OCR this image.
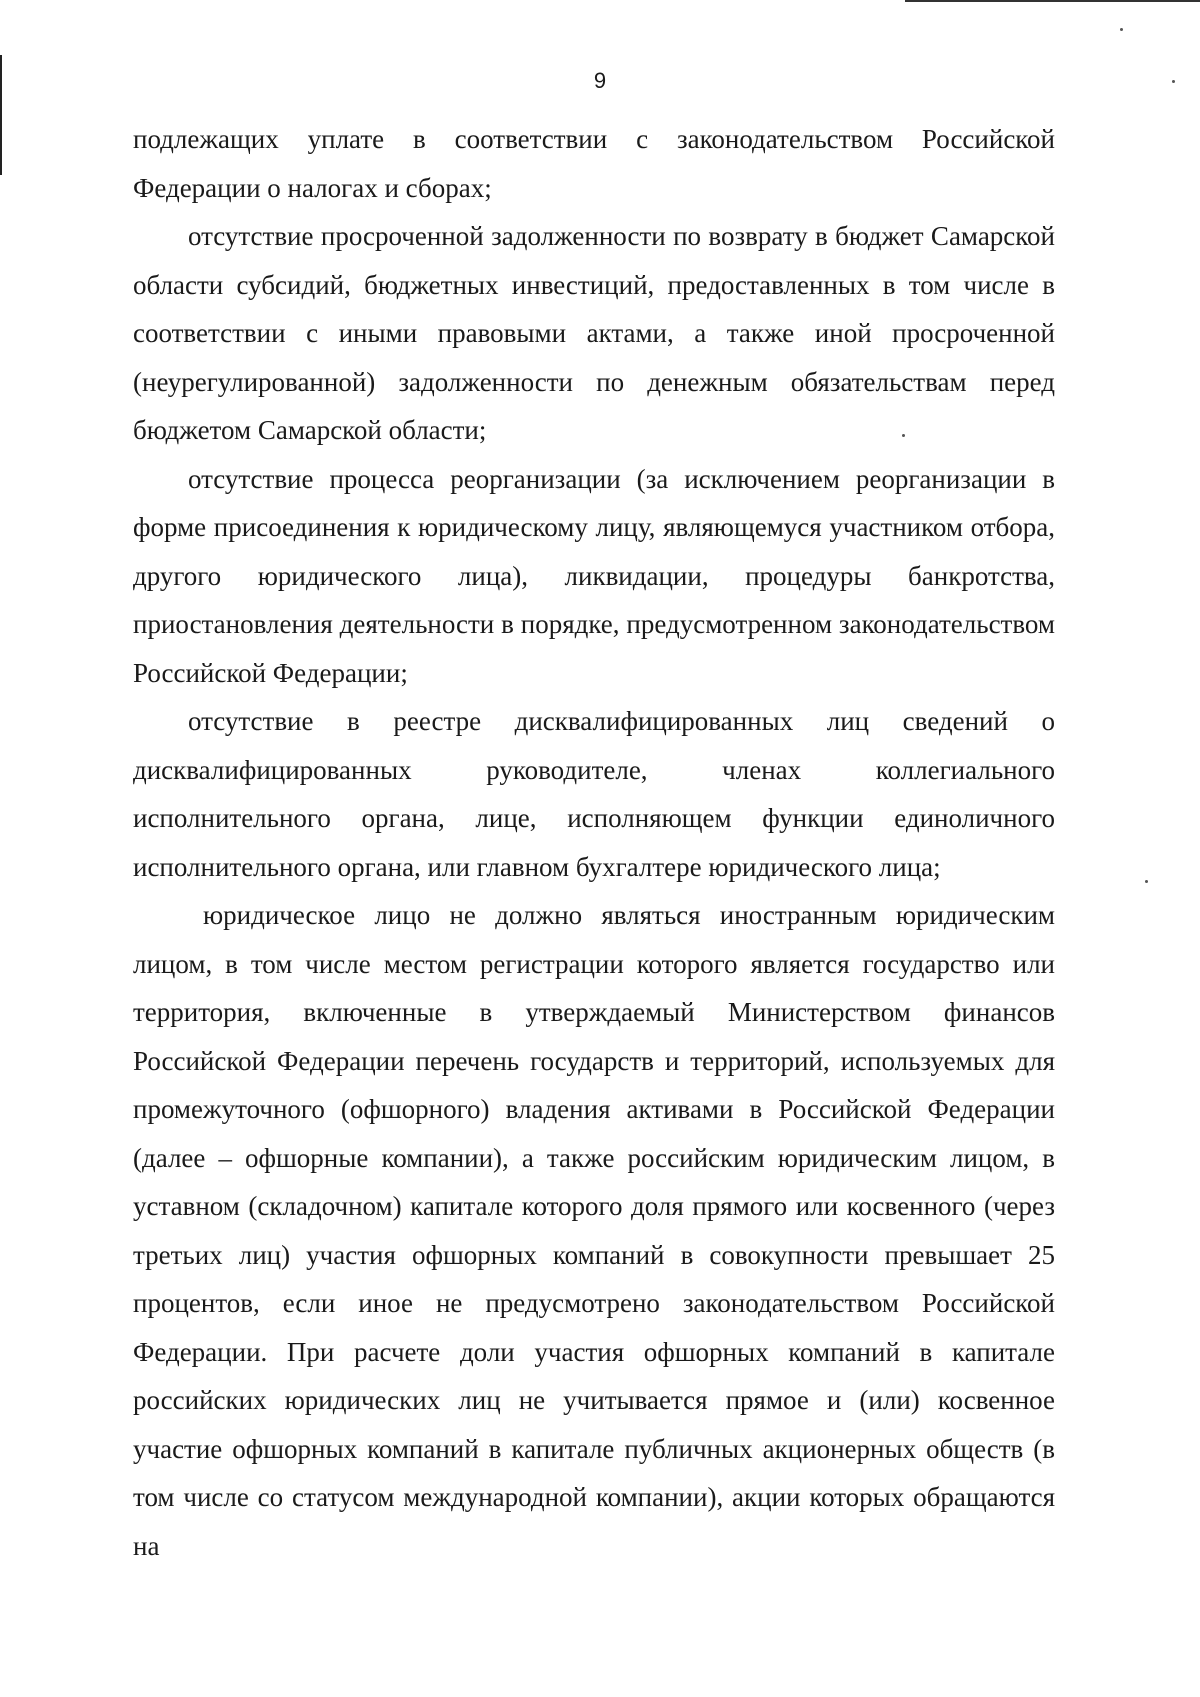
9

подлежащих уплате в соответствии с законодательством Российской Федерации о налогах и сборах;

отсутствие просроченной задолженности по возврату в бюджет Самарской области субсидий, бюджетных инвестиций, предоставленных в том числе в соответствии с иными правовыми актами, а также иной просроченной (неурегулированной) задолженности по денежным обязательствам перед бюджетом Самарской области;

отсутствие процесса реорганизации (за исключением реорганизации в форме присоединения к юридическому лицу, являющемуся участником отбора, другого юридического лица), ликвидации, процедуры банкротства, приостановления деятельности в порядке, предусмотренном законодательством Российской Федерации;

отсутствие в реестре дисквалифицированных лиц сведений о дисквалифицированных руководителе, членах коллегиального исполнительного органа, лице, исполняющем функции единоличного исполнительного органа, или главном бухгалтере юридического лица;

юридическое лицо не должно являться иностранным юридическим лицом, в том числе местом регистрации которого является государство или территория, включенные в утверждаемый Министерством финансов Российской Федерации перечень государств и территорий, используемых для промежуточного (офшорного) владения активами в Российской Федерации (далее – офшорные компании), а также российским юридическим лицом, в уставном (складочном) капитале которого доля прямого или косвенного (через третьих лиц) участия офшорных компаний в совокупности превышает 25 процентов, если иное не предусмотрено законодательством Российской Федерации. При расчете доли участия офшорных компаний в капитале российских юридических лиц не учитывается прямое и (или) косвенное участие офшорных компаний в капитале публичных акционерных обществ (в том числе со статусом международной компании), акции которых обращаются на
